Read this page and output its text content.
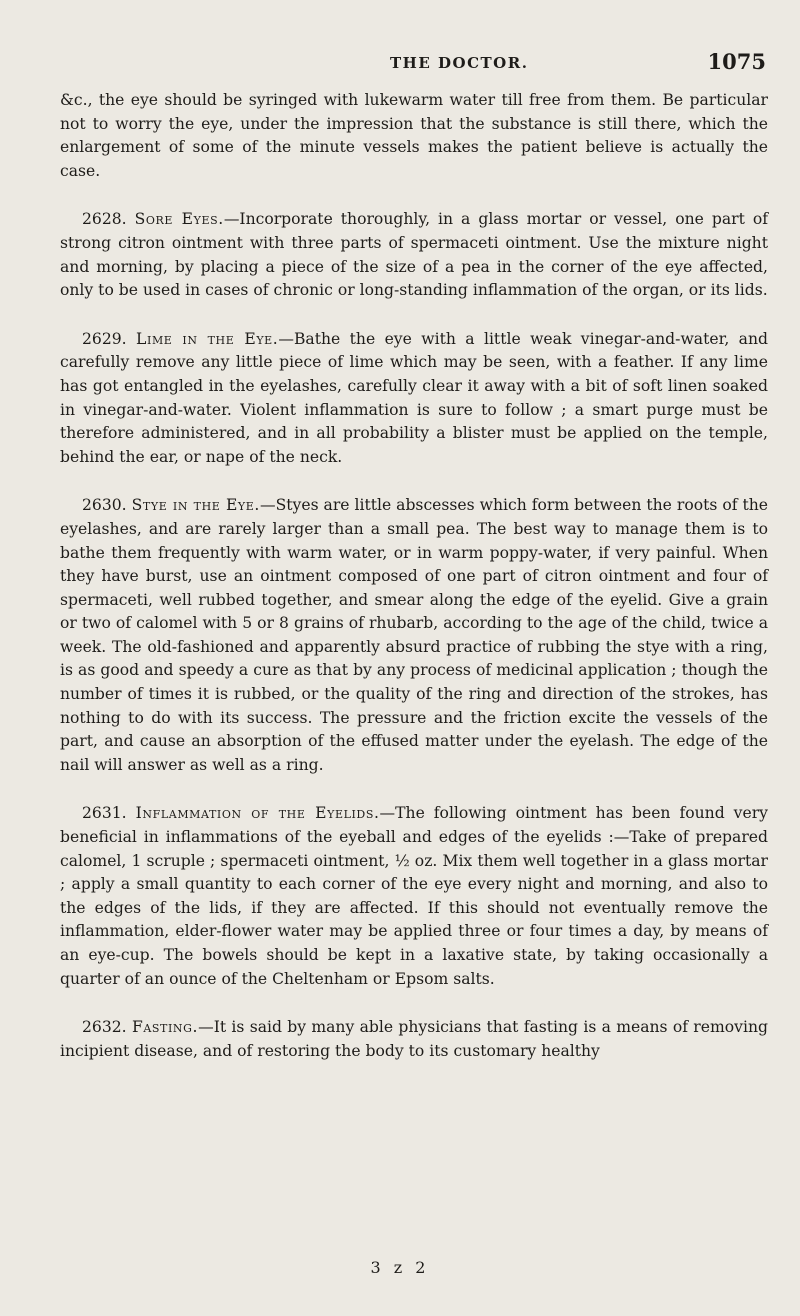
THE DOCTOR.	1075

&c., the eye should be syringed with lukewarm water till free from them. Be particular not to worry the eye, under the impression that the substance is still there, which the enlargement of some of the minute vessels makes the patient believe is actually the case.

2628. Sore Eyes.—Incorporate thoroughly, in a glass mortar or vessel, one part of strong citron ointment with three parts of spermaceti ointment. Use the mixture night and morning, by placing a piece of the size of a pea in the corner of the eye affected, only to be used in cases of chronic or long-standing inflammation of the organ, or its lids.

2629. Lime in the Eye.—Bathe the eye with a little weak vinegar-and-water, and carefully remove any little piece of lime which may be seen, with a feather. If any lime has got entangled in the eyelashes, carefully clear it away with a bit of soft linen soaked in vinegar-and-water. Violent inflammation is sure to follow ; a smart purge must be therefore administered, and in all probability a blister must be applied on the temple, behind the ear, or nape of the neck.

2630. Stye in the Eye.—Styes are little abscesses which form between the roots of the eyelashes, and are rarely larger than a small pea. The best way to manage them is to bathe them frequently with warm water, or in warm poppy-water, if very painful. When they have burst, use an ointment composed of one part of citron ointment and four of spermaceti, well rubbed together, and smear along the edge of the eyelid. Give a grain or two of calomel with 5 or 8 grains of rhubarb, according to the age of the child, twice a week. The old-fashioned and apparently absurd practice of rubbing the stye with a ring, is as good and speedy a cure as that by any process of medicinal application ; though the number of times it is rubbed, or the quality of the ring and direction of the strokes, has nothing to do with its success. The pressure and the friction excite the vessels of the part, and cause an absorption of the effused matter under the eyelash. The edge of the nail will answer as well as a ring.

2631. Inflammation of the Eyelids.—The following ointment has been found very beneficial in inflammations of the eyeball and edges of the eyelids :—Take of prepared calomel, 1 scruple ; spermaceti ointment, ½ oz. Mix them well together in a glass mortar ; apply a small quantity to each corner of the eye every night and morning, and also to the edges of the lids, if they are affected. If this should not eventually remove the inflammation, elder-flower water may be applied three or four times a day, by means of an eye-cup. The bowels should be kept in a laxative state, by taking occasionally a quarter of an ounce of the Cheltenham or Epsom salts.

2632. Fasting.—It is said by many able physicians that fasting is a means of removing incipient disease, and of restoring the body to its customary healthy

3 z 2
